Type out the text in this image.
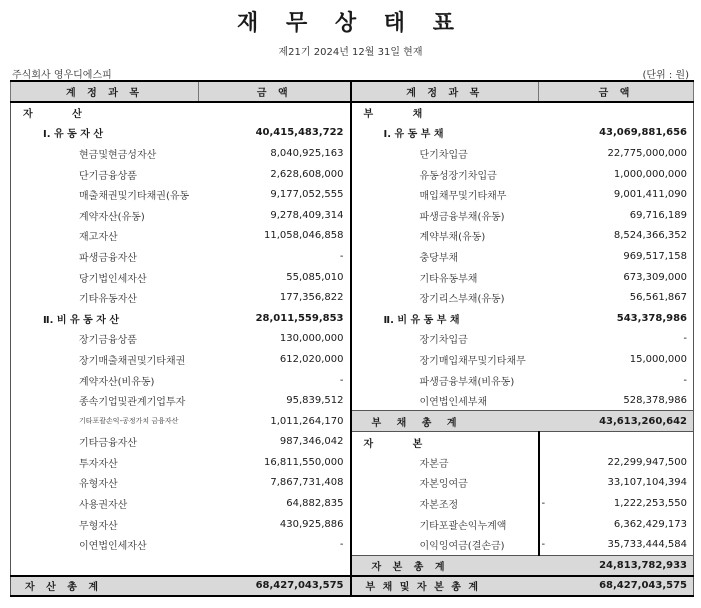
재 무 상 태 표
제21기 2024년 12월 31일 현재
주식회사 영우디에스피	(단위 : 원)
계 정 과 목	금 액	계 정 과 목	금 액
자 산		부 채	
Ⅰ. 유 동 자 산	40,415,483,722	Ⅰ. 유 동 부 채	43,069,881,656
현금및현금성자산	8,040,925,163	단기차입금	22,775,000,000
단기금융상품	2,628,608,000	유동성장기차입금	1,000,000,000
매출채권및기타채권(유동	9,177,052,555	매입채무및기타채무	9,001,411,090
계약자산(유동)	9,278,409,314	파생금융부채(유동)	69,716,189
재고자산	11,058,046,858	계약부채(유동)	8,524,366,352
파생금융자산	-	충당부채	969,517,158
당기법인세자산	55,085,010	기타유동부채	673,309,000
기타유동자산	177,356,822	장기리스부채(유동)	56,561,867
Ⅱ. 비 유 동 자 산	28,011,559,853	Ⅱ. 비 유 동 부 채	543,378,986
장기금융상품	130,000,000	장기차입금	-
장기매출채권및기타채권	612,020,000	장기매입채무및기타채무	15,000,000
계약자산(비유동)	-	파생금융부채(비유동)	-
종속기업및관계기업투자	95,839,512	이연법인세부채	528,378,986
기타포괄손익-공정가치 금융자산	1,011,264,170	부 채 총 계	43,613,260,642
기타금융자산	987,346,042	자 본	
투자자산	16,811,550,000	자본금	22,299,947,500
유형자산	7,867,731,408	자본잉여금	33,107,104,394
사용권자산	64,882,835	자본조정	- 1,222,253,550
무형자산	430,925,886	기타포괄손익누계액	6,362,429,173
이연법인세자산	-	이익잉여금(결손금)	- 35,733,444,584
		자 본 총 계	24,813,782,933
자 산 총 계	68,427,043,575	부 채 및 자 본 총 계	68,427,043,575
